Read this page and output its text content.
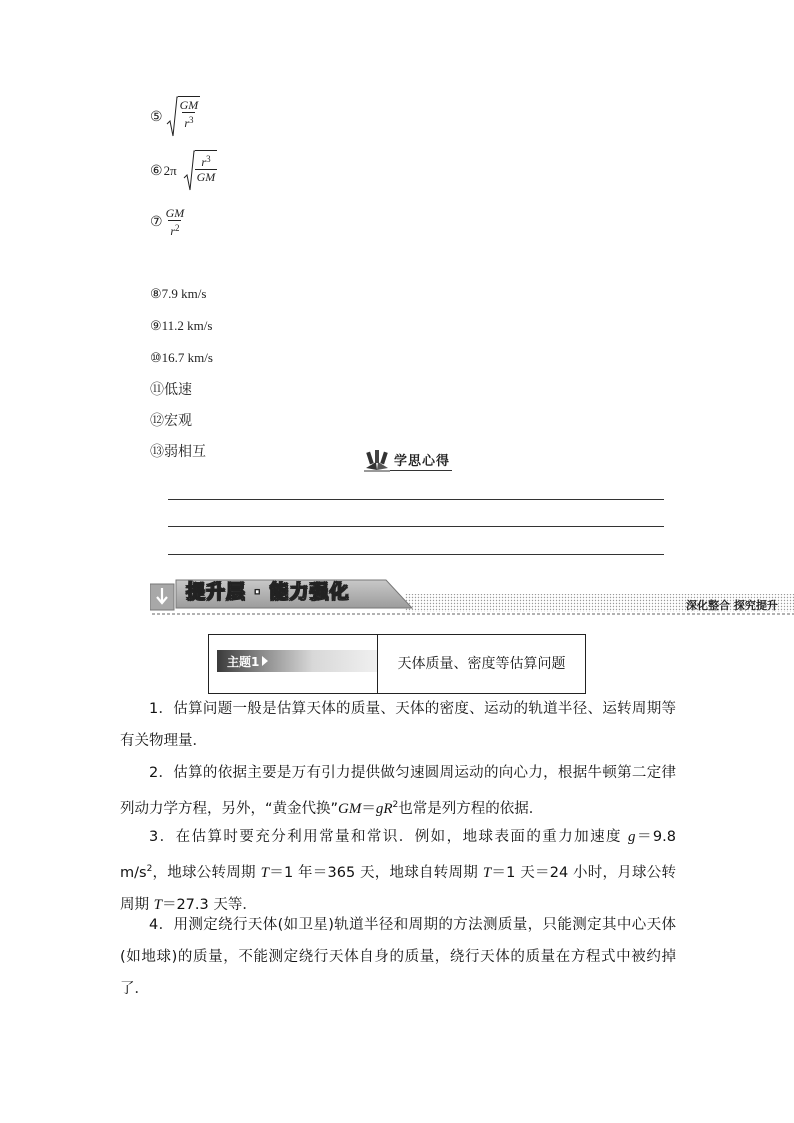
⑤ $\frac{GM}{r^3}$
⑥ $2\pi \frac{r^3}{GM}$
⑦ $\frac{GM}{r^2}$
⑧7.9 km/s
⑨11.2 km/s
⑩16.7 km/s
⑪低速
⑫宏观
⑬弱相互
学思心得
提升层 · 能力强化
深化整合 探究提升
主题1	天体质量、密度等估算问题
1．估算问题一般是估算天体的质量、天体的密度、运动的轨道半径、运转周期等有关物理量．
2．估算的依据主要是万有引力提供做匀速圆周运动的向心力，根据牛顿第二定律列动力学方程，另外，“黄金代换$”GM=gR^2$也常是列方程的依据．
3．在估算时要充分利用常量和常识．例如，地球表面的重力加速度 g＝9.8 $m/s^2$，地球公转周期 T＝1 年＝365 天，地球自转周期 T＝1 天＝24 小时，月球公转周期 T＝27.3 天等．
4．用测定绕行天体(如卫星)轨道半径和周期的方法测质量，只能测定其中心天体(如地球)的质量，不能测定绕行天体自身的质量，绕行天体的质量在方程式中被约掉了．
